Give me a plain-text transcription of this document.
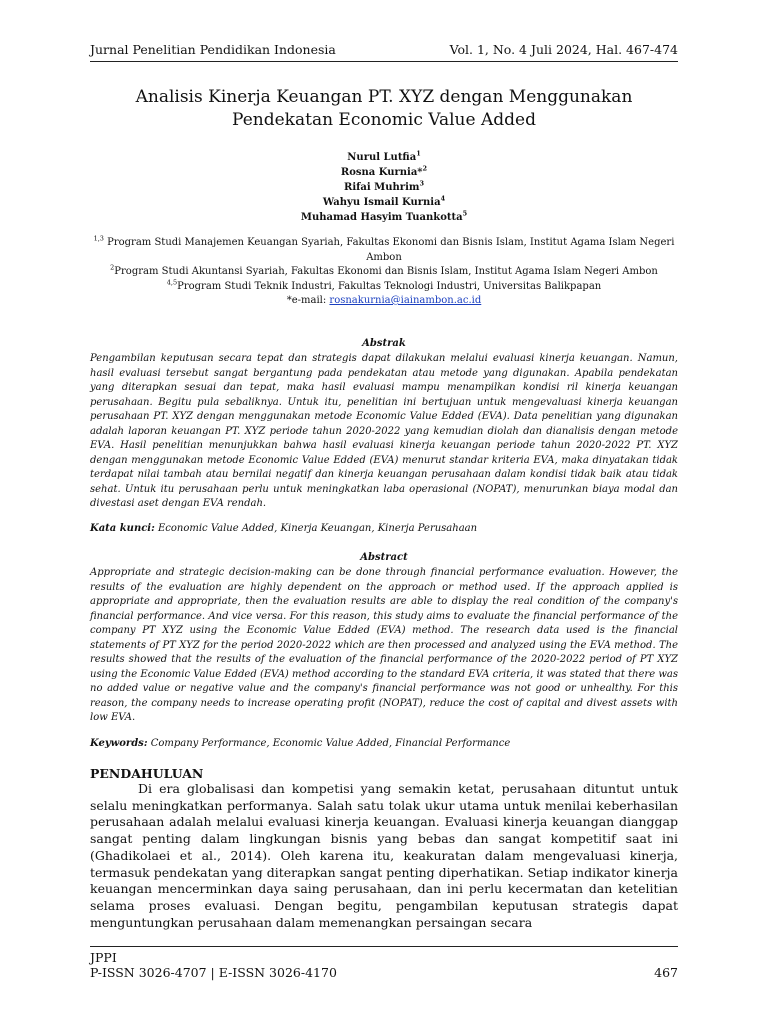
Jurnal Penelitian Pendidikan Indonesia	Vol. 1, No. 4 Juli 2024, Hal. 467-474
Analisis Kinerja Keuangan PT. XYZ dengan Menggunakan Pendekatan Economic Value Added
Nurul Lutfia$^1$
Rosna Kurnia*$^2$
Rifai Muhrim$^3$
Wahyu Ismail Kurnia$^4$
Muhamad Hasyim Tuankotta$^5$
$^{1,3}$ Program Studi Manajemen Keuangan Syariah, Fakultas Ekonomi dan Bisnis Islam, Institut Agama Islam Negeri Ambon
$^2$Program Studi Akuntansi Syariah, Fakultas Ekonomi dan Bisnis Islam, Institut Agama Islam Negeri Ambon
$^{4,5}$Program Studi Teknik Industri, Fakultas Teknologi Industri, Universitas Balikpapan
*e-mail: rosnakurnia@iainambon.ac.id
Abstrak
Pengambilan keputusan secara tepat dan strategis dapat dilakukan melalui evaluasi kinerja keuangan. Namun, hasil evaluasi tersebut sangat bergantung pada pendekatan atau metode yang digunakan. Apabila pendekatan yang diterapkan sesuai dan tepat, maka hasil evaluasi mampu menampilkan kondisi ril kinerja keuangan perusahaan. Begitu pula sebaliknya. Untuk itu, penelitian ini bertujuan untuk mengevaluasi kinerja keuangan perusahaan PT. XYZ dengan menggunakan metode Economic Value Edded (EVA). Data penelitian yang digunakan adalah laporan keuangan PT. XYZ periode tahun 2020-2022 yang kemudian diolah dan dianalisis dengan metode EVA. Hasil penelitian menunjukkan bahwa hasil evaluasi kinerja keuangan periode tahun 2020-2022 PT. XYZ dengan menggunakan metode Economic Value Edded (EVA) menurut standar kriteria EVA, maka dinyatakan tidak terdapat nilai tambah atau bernilai negatif dan kinerja keuangan perusahaan dalam kondisi tidak baik atau tidak sehat. Untuk itu perusahaan perlu untuk meningkatkan laba operasional (NOPAT), menurunkan biaya modal dan divestasi aset dengan EVA rendah.
Kata kunci: Economic Value Added, Kinerja Keuangan, Kinerja Perusahaan
Abstract
Appropriate and strategic decision-making can be done through financial performance evaluation. However, the results of the evaluation are highly dependent on the approach or method used. If the approach applied is appropriate and appropriate, then the evaluation results are able to display the real condition of the company's financial performance. And vice versa. For this reason, this study aims to evaluate the financial performance of the company PT XYZ using the Economic Value Edded (EVA) method. The research data used is the financial statements of PT XYZ for the period 2020-2022 which are then processed and analyzed using the EVA method. The results showed that the results of the evaluation of the financial performance of the 2020-2022 period of PT XYZ using the Economic Value Edded (EVA) method according to the standard EVA criteria, it was stated that there was no added value or negative value and the company's financial performance was not good or unhealthy. For this reason, the company needs to increase operating profit (NOPAT), reduce the cost of capital and divest assets with low EVA.
Keywords: Company Performance, Economic Value Added, Financial Performance
PENDAHULUAN
Di era globalisasi dan kompetisi yang semakin ketat, perusahaan dituntut untuk selalu meningkatkan performanya. Salah satu tolak ukur utama untuk menilai keberhasilan perusahaan adalah melalui evaluasi kinerja keuangan. Evaluasi kinerja keuangan dianggap sangat penting dalam lingkungan bisnis yang bebas dan sangat kompetitif saat ini (Ghadikolaei et al., 2014). Oleh karena itu, keakuratan dalam mengevaluasi kinerja, termasuk pendekatan yang diterapkan sangat penting diperhatikan. Setiap indikator kinerja keuangan mencerminkan daya saing perusahaan, dan ini perlu kecermatan dan ketelitian selama proses evaluasi. Dengan begitu, pengambilan keputusan strategis dapat menguntungkan perusahaan dalam memenangkan persaingan secara
JPPI
P-ISSN 3026-4707 | E-ISSN 3026-4170	467
